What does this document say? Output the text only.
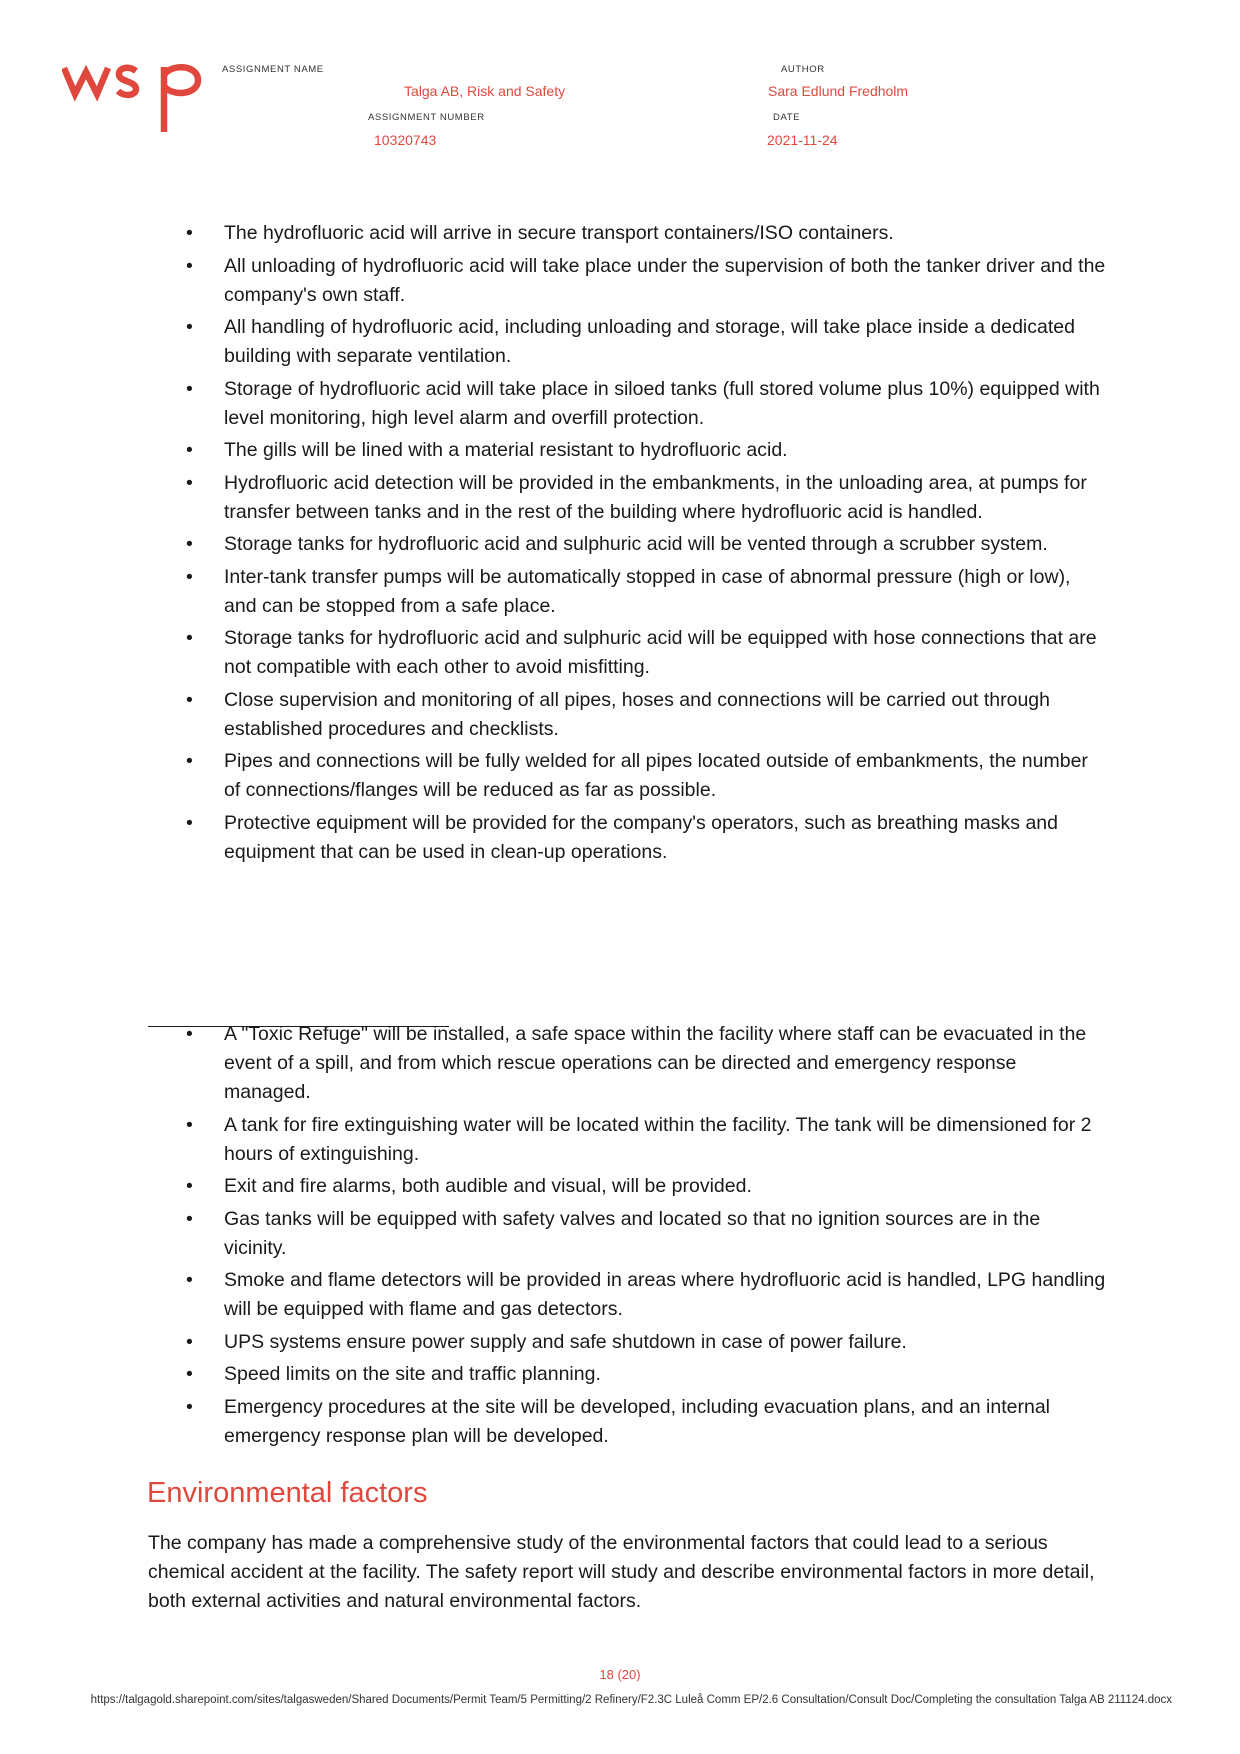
ASSIGNMENT NAME
Talga AB, Risk and Safety
ASSIGNMENT NUMBER
10320743
AUTHOR
Sara Edlund Fredholm
DATE
2021-11-24
• The hydrofluoric acid will arrive in secure transport containers/ISO containers.
• All unloading of hydrofluoric acid will take place under the supervision of both the tanker driver and the company's own staff.
• All handling of hydrofluoric acid, including unloading and storage, will take place inside a dedicated building with separate ventilation.
• Storage of hydrofluoric acid will take place in siloed tanks (full stored volume plus 10%) equipped with level monitoring, high level alarm and overfill protection.
• The gills will be lined with a material resistant to hydrofluoric acid.
• Hydrofluoric acid detection will be provided in the embankments, in the unloading area, at pumps for transfer between tanks and in the rest of the building where hydrofluoric acid is handled.
• Storage tanks for hydrofluoric acid and sulphuric acid will be vented through a scrubber system.
• Inter-tank transfer pumps will be automatically stopped in case of abnormal pressure (high or low), and can be stopped from a safe place.
• Storage tanks for hydrofluoric acid and sulphuric acid will be equipped with hose connections that are not compatible with each other to avoid misfitting.
• Close supervision and monitoring of all pipes, hoses and connections will be carried out through established procedures and checklists.
• Pipes and connections will be fully welded for all pipes located outside of embankments, the number of connections/flanges will be reduced as far as possible.
• Protective equipment will be provided for the company's operators, such as breathing masks and equipment that can be used in clean-up operations.
• A "Toxic Refuge" will be installed, a safe space within the facility where staff can be evacuated in the event of a spill, and from which rescue operations can be directed and emergency response managed.
• A tank for fire extinguishing water will be located within the facility. The tank will be dimensioned for 2 hours of extinguishing.
• Exit and fire alarms, both audible and visual, will be provided.
• Gas tanks will be equipped with safety valves and located so that no ignition sources are in the vicinity.
• Smoke and flame detectors will be provided in areas where hydrofluoric acid is handled, LPG handling will be equipped with flame and gas detectors.
• UPS systems ensure power supply and safe shutdown in case of power failure.
• Speed limits on the site and traffic planning.
• Emergency procedures at the site will be developed, including evacuation plans, and an internal emergency response plan will be developed.
Environmental factors

The company has made a comprehensive study of the environmental factors that could lead to a serious chemical accident at the facility. The safety report will study and describe environmental factors in more detail, both external activities and natural environmental factors.

18 (20)
https://talgagold.sharepoint.com/sites/talgasweden/Shared Documents/Permit Team/5 Permitting/2 Refinery/F2.3C Luleå Comm EP/2.6 Consultation/Consult Doc/Completing the consultation Talga AB 211124.docx
